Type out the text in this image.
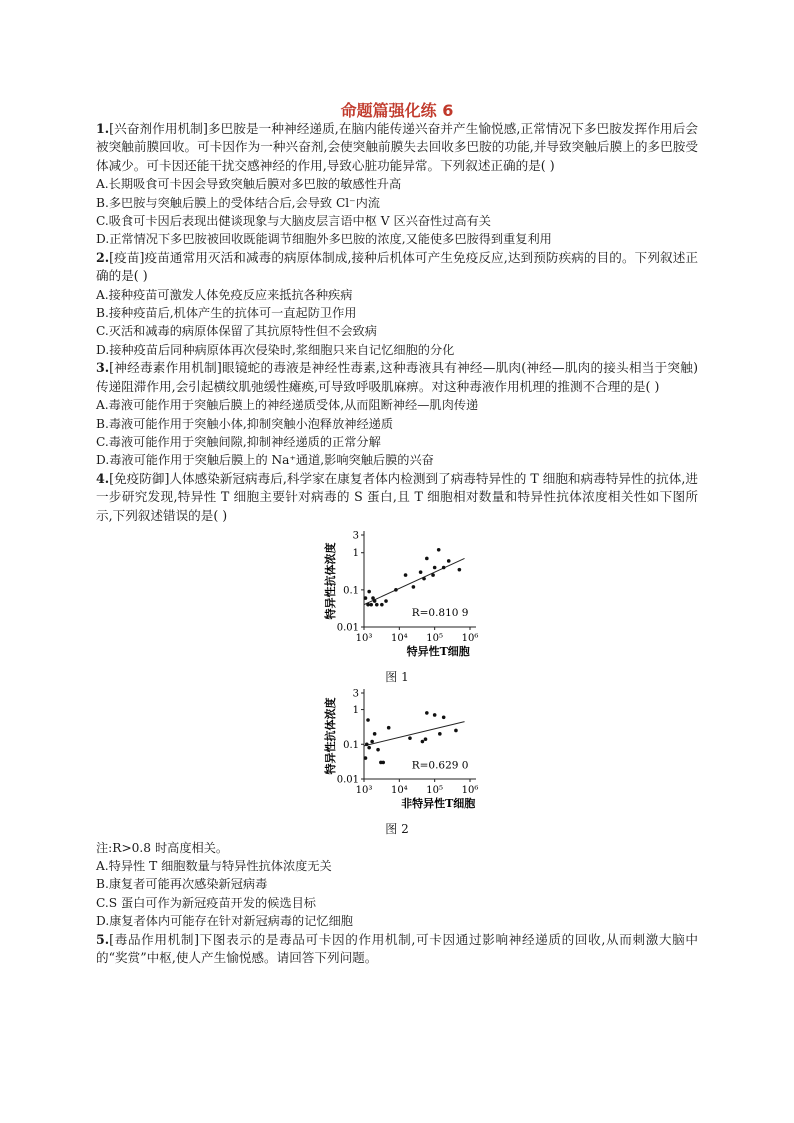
命题篇强化练 6

1.[兴奋剂作用机制]多巴胺是一种神经递质,在脑内能传递兴奋并产生愉悦感,正常情况下多巴胺发挥作用后会被突触前膜回收。可卡因作为一种兴奋剂,会使突触前膜失去回收多巴胺的功能,并导致突触后膜上的多巴胺受体减少。可卡因还能干扰交感神经的作用,导致心脏功能异常。下列叙述正确的是( )

A.长期吸食可卡因会导致突触后膜对多巴胺的敏感性升高

B.多巴胺与突触后膜上的受体结合后,会导致 Cl⁻内流

C.吸食可卡因后表现出健谈现象与大脑皮层言语中枢 V 区兴奋性过高有关

D.正常情况下多巴胺被回收既能调节细胞外多巴胺的浓度,又能使多巴胺得到重复利用

2.[疫苗]疫苗通常用灭活和减毒的病原体制成,接种后机体可产生免疫反应,达到预防疾病的目的。下列叙述正确的是( )

A.接种疫苗可激发人体免疫反应来抵抗各种疾病

B.接种疫苗后,机体产生的抗体可一直起防卫作用

C.灭活和减毒的病原体保留了其抗原特性但不会致病

D.接种疫苗后同种病原体再次侵染时,浆细胞只来自记忆细胞的分化

3.[神经毒素作用机制]眼镜蛇的毒液是神经性毒素,这种毒液具有神经—肌肉(神经—肌肉的接头相当于突触)传递阻滞作用,会引起横纹肌弛缓性瘫痪,可导致呼吸肌麻痹。对这种毒液作用机理的推测不合理的是( )

A.毒液可能作用于突触后膜上的神经递质受体,从而阻断神经—肌肉传递

B.毒液可能作用于突触小体,抑制突触小泡释放神经递质

C.毒液可能作用于突触间隙,抑制神经递质的正常分解

D.毒液可能作用于突触后膜上的 Na⁺通道,影响突触后膜的兴奋

4.[免疫防御]人体感染新冠病毒后,科学家在康复者体内检测到了病毒特异性的 T 细胞和病毒特异性的抗体,进一步研究发现,特异性 T 细胞主要针对病毒的 S 蛋白,且 T 细胞相对数量和特异性抗体浓度相关性如下图所示,下列叙述错误的是( )

10³ 10⁴ 10⁵ 10⁶
3
1
0.1
0.01
特异性抗体浓度
特异性T细胞
R=0.810 9
图 1
10³ 10⁴ 10⁵ 10⁶
3
1
0.1
0.01
特异性抗体浓度
非特异性T细胞
R=0.629 0
图 2

注:R>0.8 时高度相关。

A.特异性 T 细胞数量与特异性抗体浓度无关

B.康复者可能再次感染新冠病毒

C.S 蛋白可作为新冠疫苗开发的候选目标

D.康复者体内可能存在针对新冠病毒的记忆细胞

5.[毒品作用机制]下图表示的是毒品可卡因的作用机制,可卡因通过影响神经递质的回收,从而刺激大脑中的“奖赏”中枢,使人产生愉悦感。请回答下列问题。
